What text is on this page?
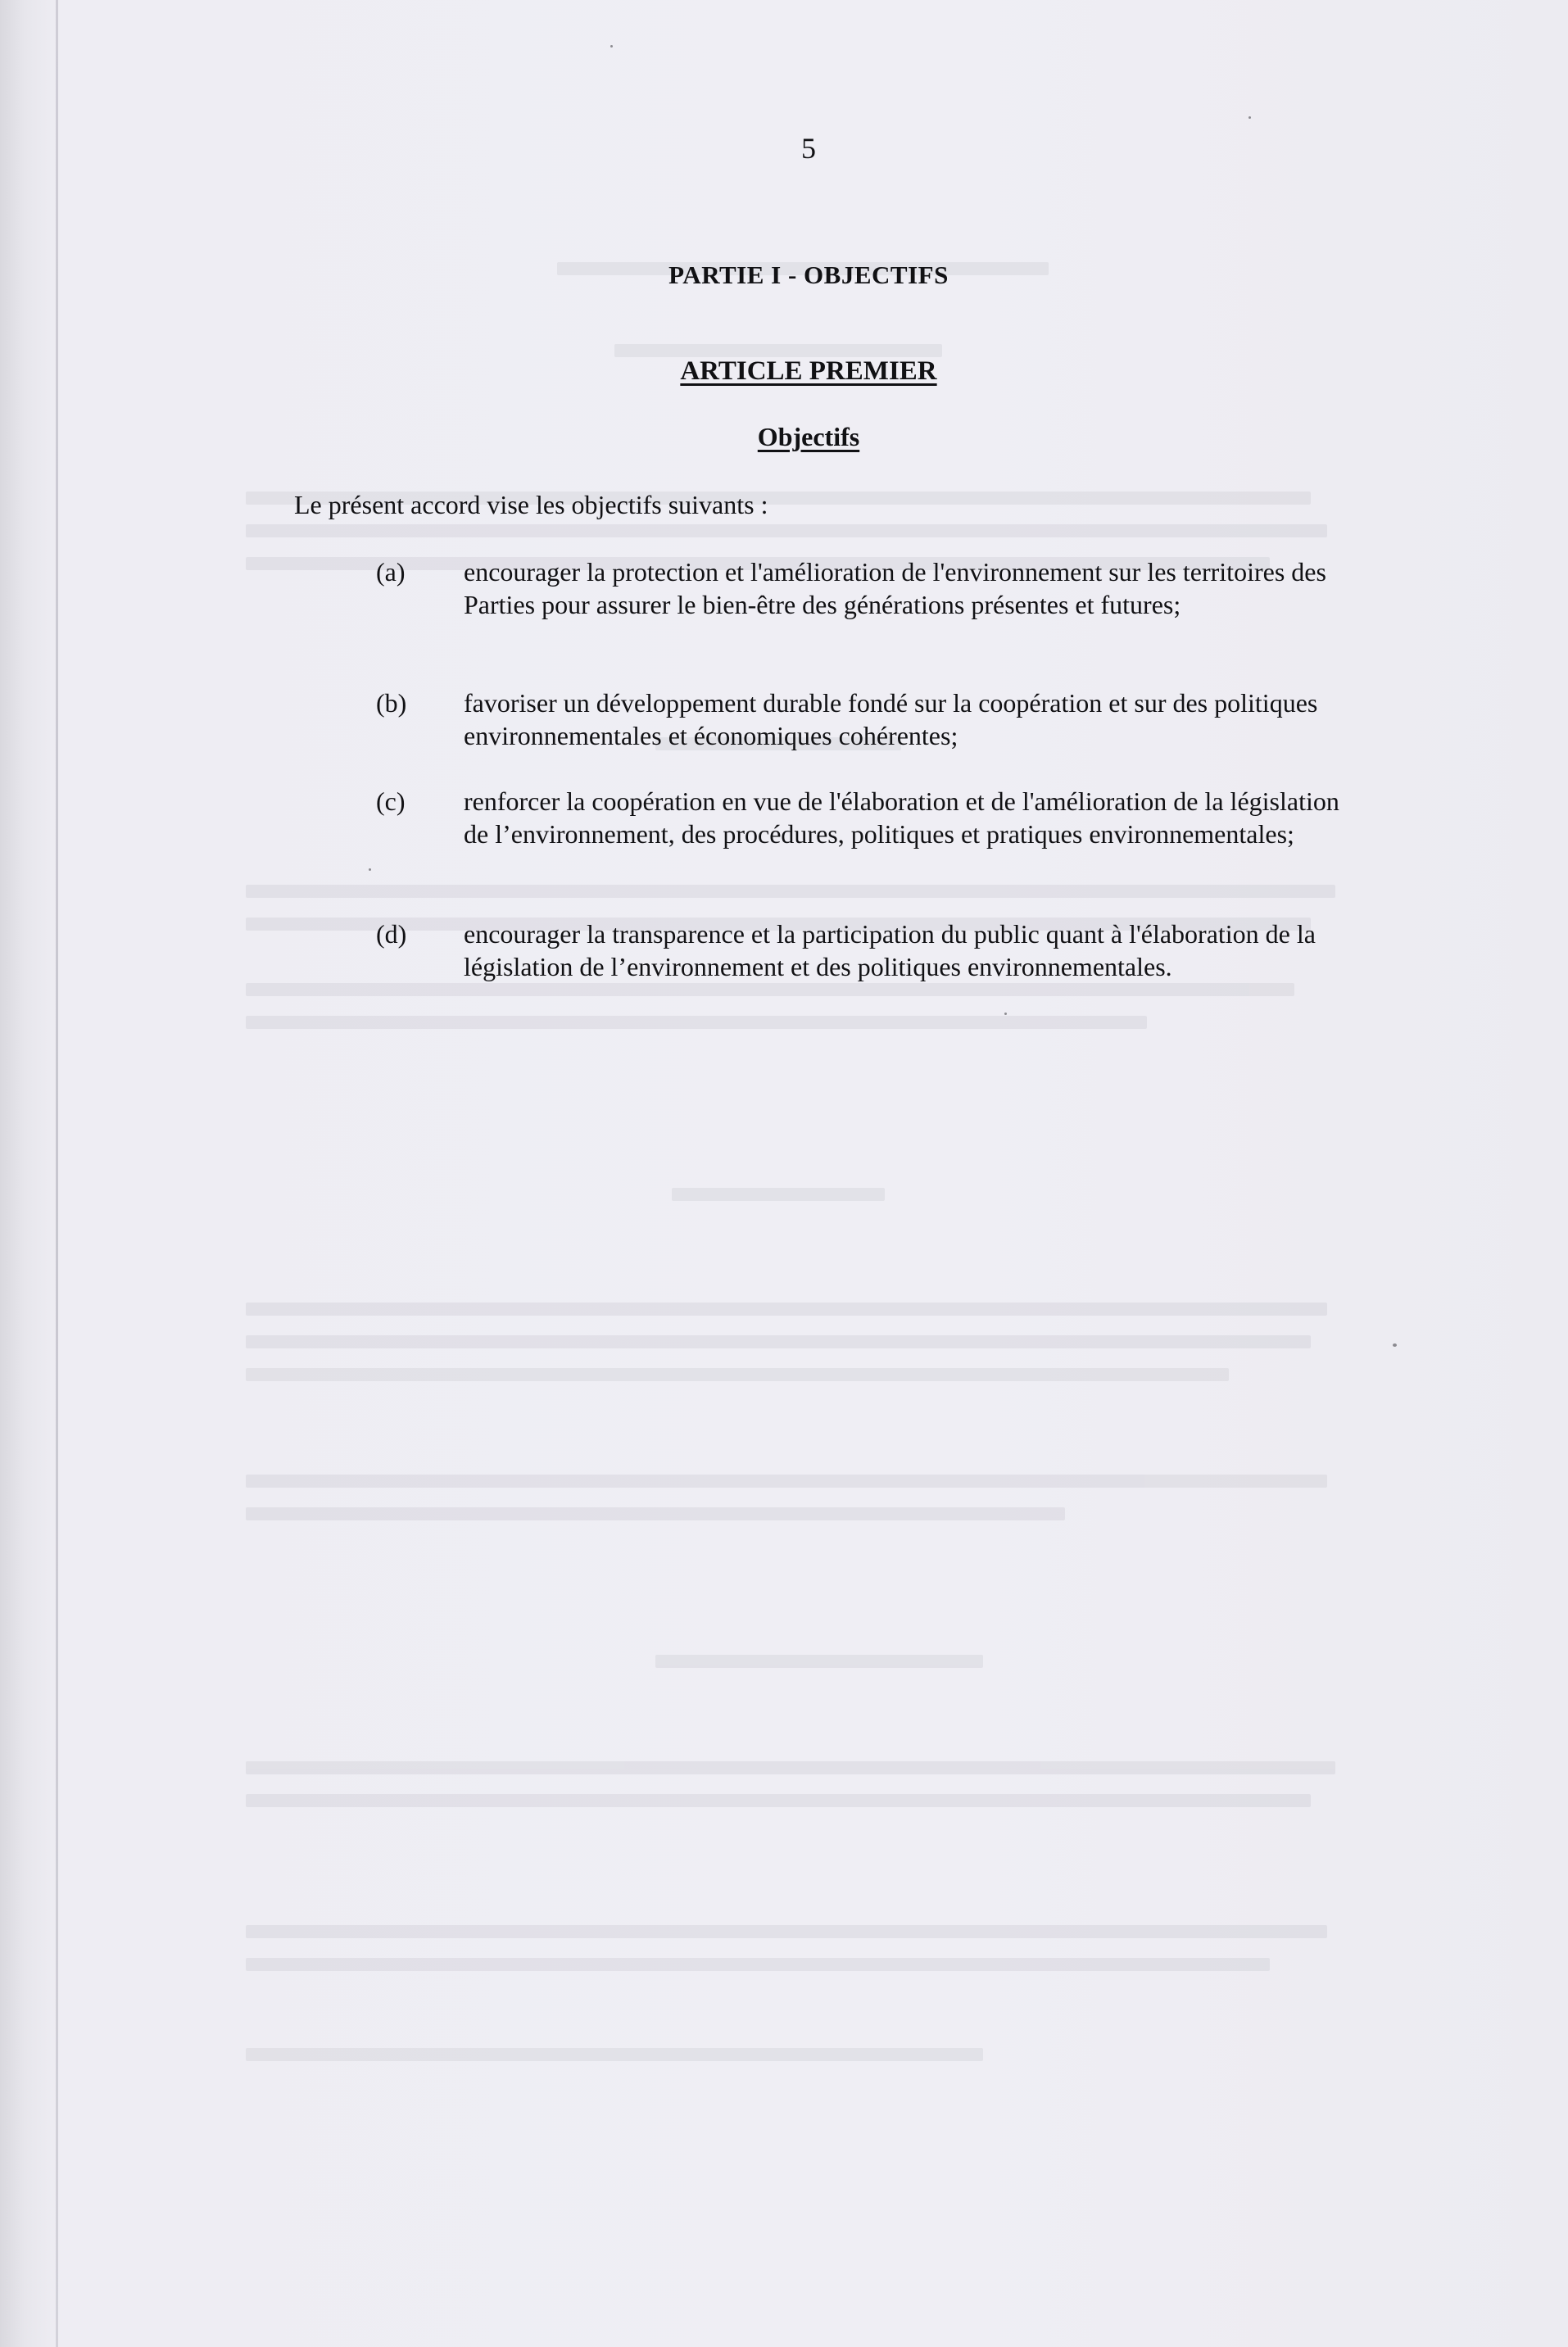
5
PARTIE I - OBJECTIFS
ARTICLE PREMIER
Objectifs
Le présent accord vise les objectifs suivants :
(a) encourager la protection et l'amélioration de l'environnement sur les territoires des Parties pour assurer le bien-être des générations présentes et futures;
(b) favoriser un développement durable fondé sur la coopération et sur des politiques environnementales et économiques cohérentes;
(c) renforcer la coopération en vue de l'élaboration et de l'amélioration de la législation de l’environnement, des procédures, politiques et pratiques environnementales;
(d) encourager la transparence et la participation du public quant à l'élaboration de la législation de l’environnement et des politiques environnementales.
